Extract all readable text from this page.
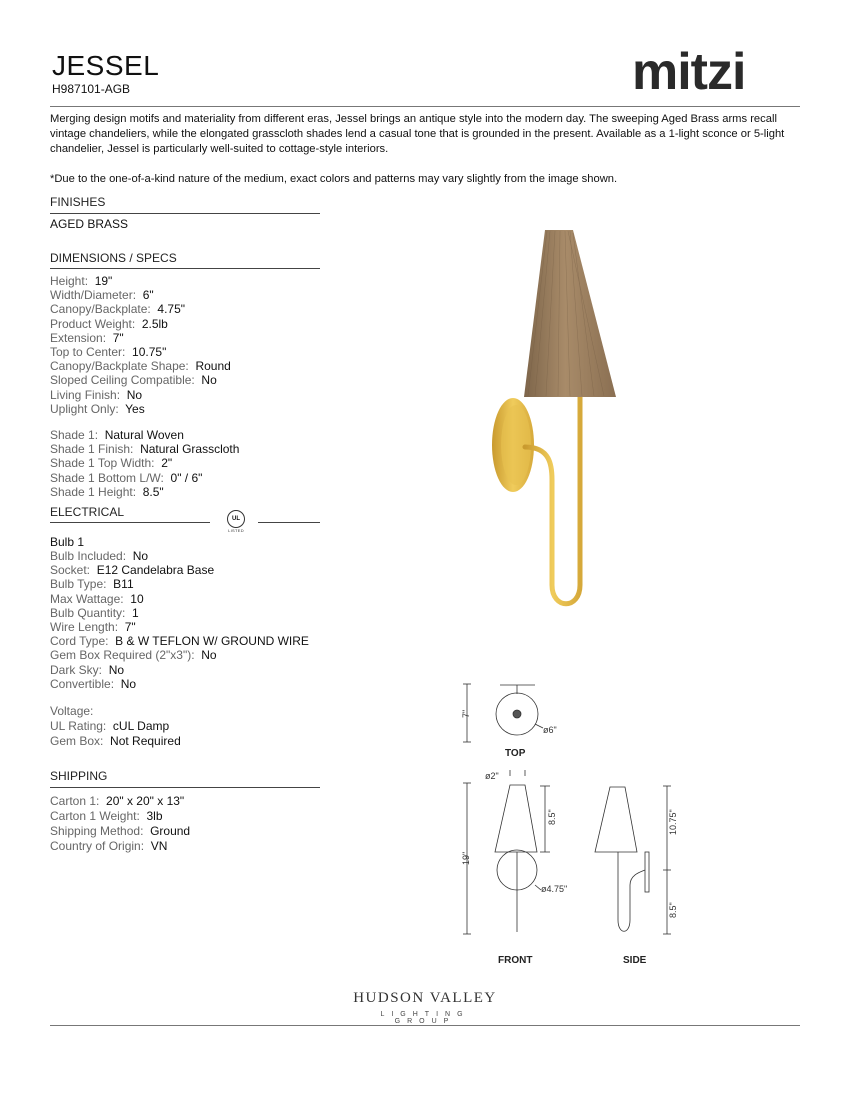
JESSEL
H987101-AGB	mitzi
Merging design motifs and materiality from different eras, Jessel brings an antique style into the modern day. The sweeping Aged Brass arms recall vintage chandeliers, while the elongated grasscloth shades lend a casual tone that is grounded in the present. Available as a 1-light sconce or 5-light chandelier, Jessel is particularly well-suited to cottage-style interiors.
*Due to the one-of-a-kind nature of the medium, exact colors and patterns may vary slightly from the image shown.
FINISHES
AGED BRASS
DIMENSIONS / SPECS
Height: 19"
Width/Diameter: 6"
Canopy/Backplate: 4.75"
Product Weight: 2.5lb
Extension: 7"
Top to Center: 10.75"
Canopy/Backplate Shape: Round
Sloped Ceiling Compatible: No
Living Finish: No
Uplight Only: Yes
Shade 1: Natural Woven
Shade 1 Finish: Natural Grasscloth
Shade 1 Top Width: 2"
Shade 1 Bottom L/W: 0" / 6"
Shade 1 Height: 8.5"
ELECTRICAL	UL
LISTED
Bulb 1
Bulb Included: No
Socket: E12 Candelabra Base
Bulb Type: B11
Max Wattage: 10
Bulb Quantity: 1
Wire Length: 7"
Cord Type: B & W TEFLON W/ GROUND WIRE
Gem Box Required (2"x3"): No
Dark Sky: No
Convertible: No
Voltage:
UL Rating: cUL Damp
Gem Box: Not Required
SHIPPING
Carton 1: 20" x 20" x 13"
Carton 1 Weight: 3lb
Shipping Method: Ground
Country of Origin: VN
7"
ø6"
TOP
ø2"
8.5"
19"
ø4.75"
FRONT
10.75"
8.5"
SIDE
HUDSON VALLEY
LIGHTING GROUP
